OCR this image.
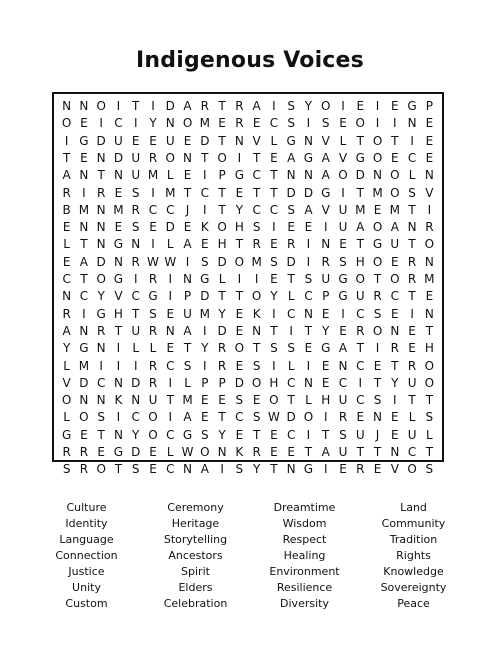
Indigenous Voices
N N O I T I D A R T R A I S Y O I E I E G P
O E I C I Y N O M E R E C S I S E O I	I N E
I G D U E E U E D T N V L G N V L T O T I E
T E N D U R O N T O I T E A G A V G O E C E
A N T N U M L E I P G C T N N A O D N O L N
R I R E S I M T C T E T T D D G I T M O S V
B M N M R C C J	I T Y C C S A V U M E M T I
E N N E S E D E K O H S I E E I U A O A N R
L T N G N I	L A E H T R E R I N E T G U T O
E A D N R W W I S D O M S D I R S H O E R N
C T O G I R I N G L	I	I E T S U G O T O R M
N C Y V C G I P D T T O Y L C P G U R C T E
R I G H T S E U M Y E K I C N E I C S E I N
A N R T U R N A I D E N T I T Y E R O N E T
Y G N I	L L E T Y R O T S S E G A T I R E H
L M I	I	I R C S I R E S I	L	I E N C E T R O
V D C N D R I	L P P D O H C N E C I T Y U O
O N N K N U T M E E S E O T L H U C S I T T
L O S I C O I A E T C S W D O I R E N E L S
G E T N Y O C G S Y E T E C I T S U J E U L
R R E G D E L W O N K R E E T A U T T N C T
S R O T S E C N A I S Y T N G I E R E V O S
Culture	Ceremony	Dreamtime	Land
Identity	Heritage	Wisdom	Community
Language	Storytelling	Respect	Tradition
Connection	Ancestors	Healing	Rights
Justice	Spirit	Environment	Knowledge
Unity	Elders	Resilience	Sovereignty
Custom	Celebration	Diversity	Peace
